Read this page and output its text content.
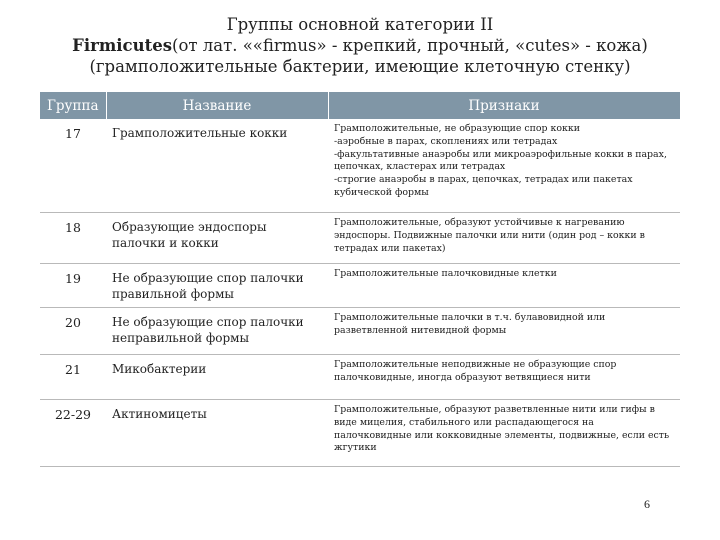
Группы основной категории II
Firmicutes(от лат. ««firmus» - крепкий, прочный, «cutes» - кожа)
(грамположительные бактерии, имеющие клеточную стенку)
Группа	Название	Признаки
17	Грамположительные кокки	Грамположительные, не образующие спор кокки
-аэробные в парах, скоплениях или тетрадах
-факультативные анаэробы или микроаэрофильные кокки в парах, цепочках, кластерах или тетрадах
-строгие анаэробы в парах, цепочках, тетрадах или пакетах кубической формы

18	Образующие эндоспоры палочки и кокки	Грамположительные, образуют устойчивые к нагреванию эндоспоры. Подвижные палочки или нити (один род – кокки в тетрадах или пакетах)

19	Не образующие спор палочки правильной формы	Грамположительные палочковидные клетки

20	Не образующие спор палочки неправильной формы	Грамположительные палочки в т.ч. булавовидной или разветвленной нитевидной формы

21	Микобактерии	Грамположительные неподвижные не образующие спор палочковидные, иногда образуют ветвящиеся нити

22-29	Актиномицеты	Грамположительные, образуют разветвленные нити или гифы в виде мицелия, стабильного или распадающегося на палочковидные или кокковидные элементы, подвижные, если есть жгутики
6
